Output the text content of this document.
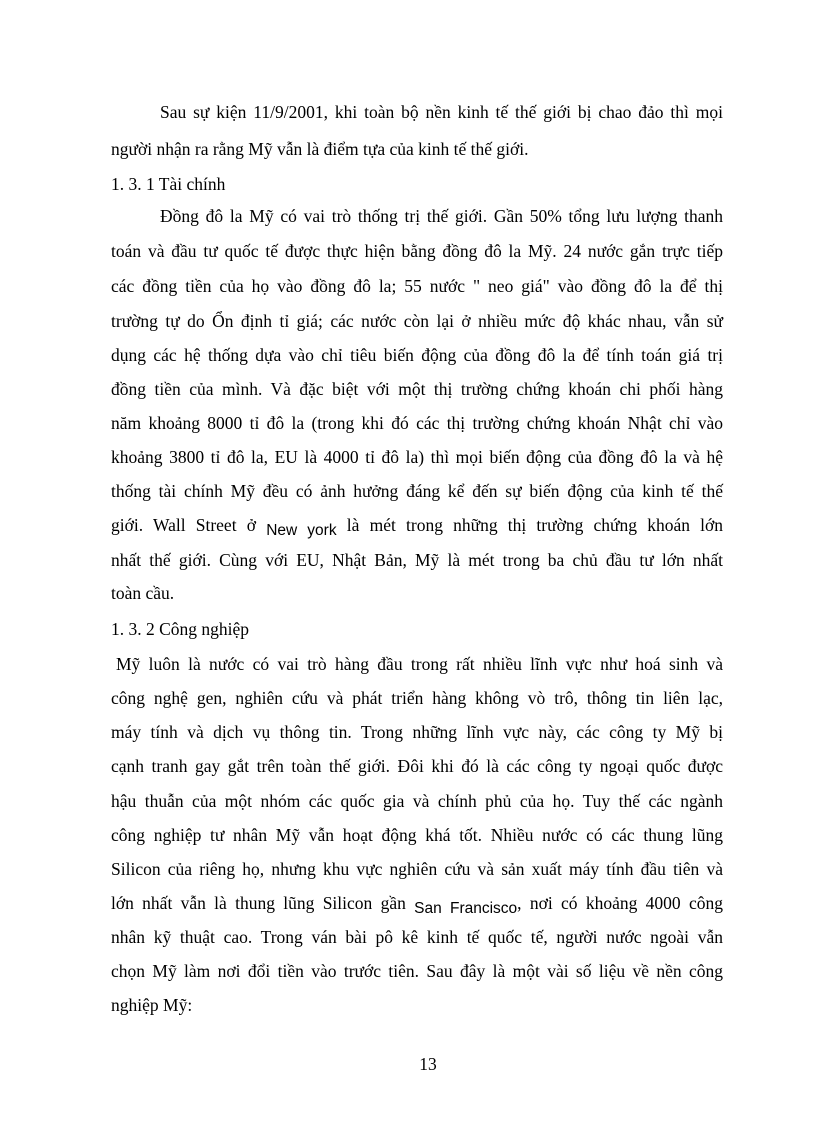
Sau sự kiện 11/9/2001, khi toàn bộ nền kinh tế thế giới bị chao đảo thì mọi
người nhận ra rằng Mỹ vẫn là điểm tựa của kinh tế thế giới.
1. 3. 1 Tài chính
Đồng đô la Mỹ có vai trò thống trị thế giới. Gần 50% tổng lưu lượng thanh
toán và đầu tư quốc tế được thực hiện bằng đồng đô la Mỹ. 24 nước gắn trực tiếp
các đồng tiền của họ vào đồng đô la; 55 nước " neo giá" vào đồng đô la để thị
trường tự do Ổn định tỉ giá; các nước còn lại ở nhiều mức độ khác nhau, vẫn sử
dụng các hệ thống dựa vào chỉ tiêu biến động của đồng đô la để tính toán giá trị
đồng tiền của mình. Và đặc biệt với một thị trường chứng khoán chi phối hàng
năm khoảng 8000 tỉ đô la (trong khi đó các thị trường chứng khoán Nhật chỉ vào
khoảng 3800 tỉ đô la, EU là 4000 tỉ đô la) thì mọi biến động của đồng đô la và hệ
thống tài chính Mỹ đều có ảnh hưởng đáng kể đến sự biến động của kinh tế thế
giới. Wall Street ở New york là mét trong những thị trường chứng khoán lớn
nhất thế giới. Cùng với EU, Nhật Bản, Mỹ là mét trong ba chủ đầu tư lớn nhất
toàn cầu.
1. 3. 2 Công nghiệp
Mỹ luôn là nước có vai trò hàng đầu trong rất nhiều lĩnh vực như hoá sinh và
công nghệ gen, nghiên cứu và phát triển hàng không vò trô, thông tin liên lạc,
máy tính và dịch vụ thông tin. Trong những lĩnh vực này, các công ty Mỹ bị
cạnh tranh gay gắt trên toàn thế giới. Đôi khi đó là các công ty ngoại quốc được
hậu thuẫn của một nhóm các quốc gia và chính phủ của họ. Tuy thế các ngành
công nghiệp tư nhân Mỹ vẫn hoạt động khá tốt. Nhiều nước có các thung lũng
Silicon của riêng họ, nhưng khu vực nghiên cứu và sản xuất máy tính đầu tiên và
lớn nhất vẫn là thung lũng Silicon gần San Francisco, nơi có khoảng 4000 công
nhân kỹ thuật cao. Trong ván bài pô kê kinh tế quốc tế, người nước ngoài vẫn
chọn Mỹ làm nơi đổi tiền vào trước tiên. Sau đây là một vài số liệu về nền công
nghiệp Mỹ:
13
